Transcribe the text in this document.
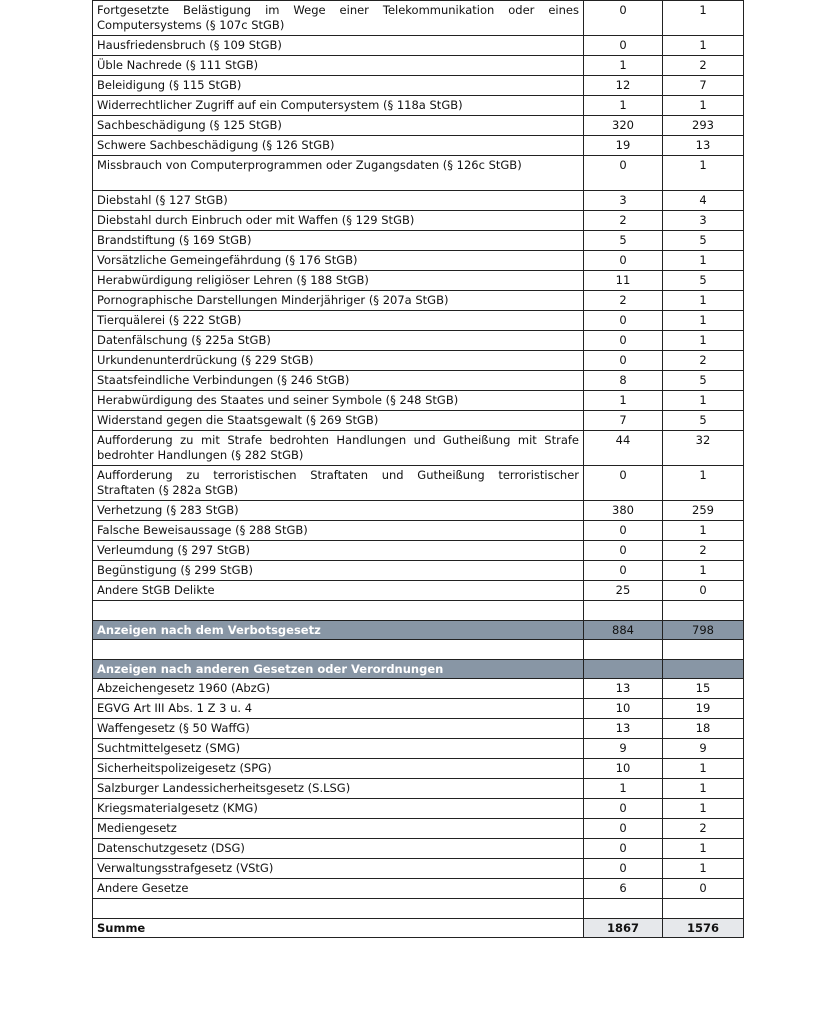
Fortgesetzte Belästigung im Wege einer Telekommunikation oder eines Computersystems (§ 107c StGB)	0	1
Hausfriedensbruch (§ 109 StGB)	0	1
Üble Nachrede (§ 111 StGB)	1	2
Beleidigung (§ 115 StGB)	12	7
Widerrechtlicher Zugriff auf ein Computersystem (§ 118a StGB)	1	1
Sachbeschädigung (§ 125 StGB)	320	293
Schwere Sachbeschädigung (§ 126 StGB)	19	13
Missbrauch von Computerprogrammen oder Zugangsdaten (§ 126c StGB)	0	1
Diebstahl (§ 127 StGB)	3	4
Diebstahl durch Einbruch oder mit Waffen (§ 129 StGB)	2	3
Brandstiftung (§ 169 StGB)	5	5
Vorsätzliche Gemeingefährdung (§ 176 StGB)	0	1
Herabwürdigung religiöser Lehren (§ 188 StGB)	11	5
Pornographische Darstellungen Minderjähriger (§ 207a StGB)	2	1
Tierquälerei (§ 222 StGB)	0	1
Datenfälschung (§ 225a StGB)	0	1
Urkundenunterdrückung (§ 229 StGB)	0	2
Staatsfeindliche Verbindungen (§ 246 StGB)	8	5
Herabwürdigung des Staates und seiner Symbole (§ 248 StGB)	1	1
Widerstand gegen die Staatsgewalt (§ 269 StGB)	7	5
Aufforderung zu mit Strafe bedrohten Handlungen und Gutheißung mit Strafe bedrohter Handlungen (§ 282 StGB)	44	32
Aufforderung zu terroristischen Straftaten und Gutheißung terroristischer Straftaten (§ 282a StGB)	0	1
Verhetzung (§ 283 StGB)	380	259
Falsche Beweisaussage (§ 288 StGB)	0	1
Verleumdung (§ 297 StGB)	0	2
Begünstigung (§ 299 StGB)	0	1
Andere StGB Delikte	25	0

Anzeigen nach dem Verbotsgesetz	884	798

Anzeigen nach anderen Gesetzen oder Verordnungen		
Abzeichengesetz 1960 (AbzG)	13	15
EGVG Art III Abs. 1 Z 3 u. 4	10	19
Waffengesetz (§ 50 WaffG)	13	18
Suchtmittelgesetz (SMG)	9	9
Sicherheitspolizeigesetz (SPG)	10	1
Salzburger Landessicherheitsgesetz (S.LSG)	1	1
Kriegsmaterialgesetz (KMG)	0	1
Mediengesetz	0	2
Datenschutzgesetz (DSG)	0	1
Verwaltungsstrafgesetz (VStG)	0	1
Andere Gesetze	6	0

Summe	1867	1576
